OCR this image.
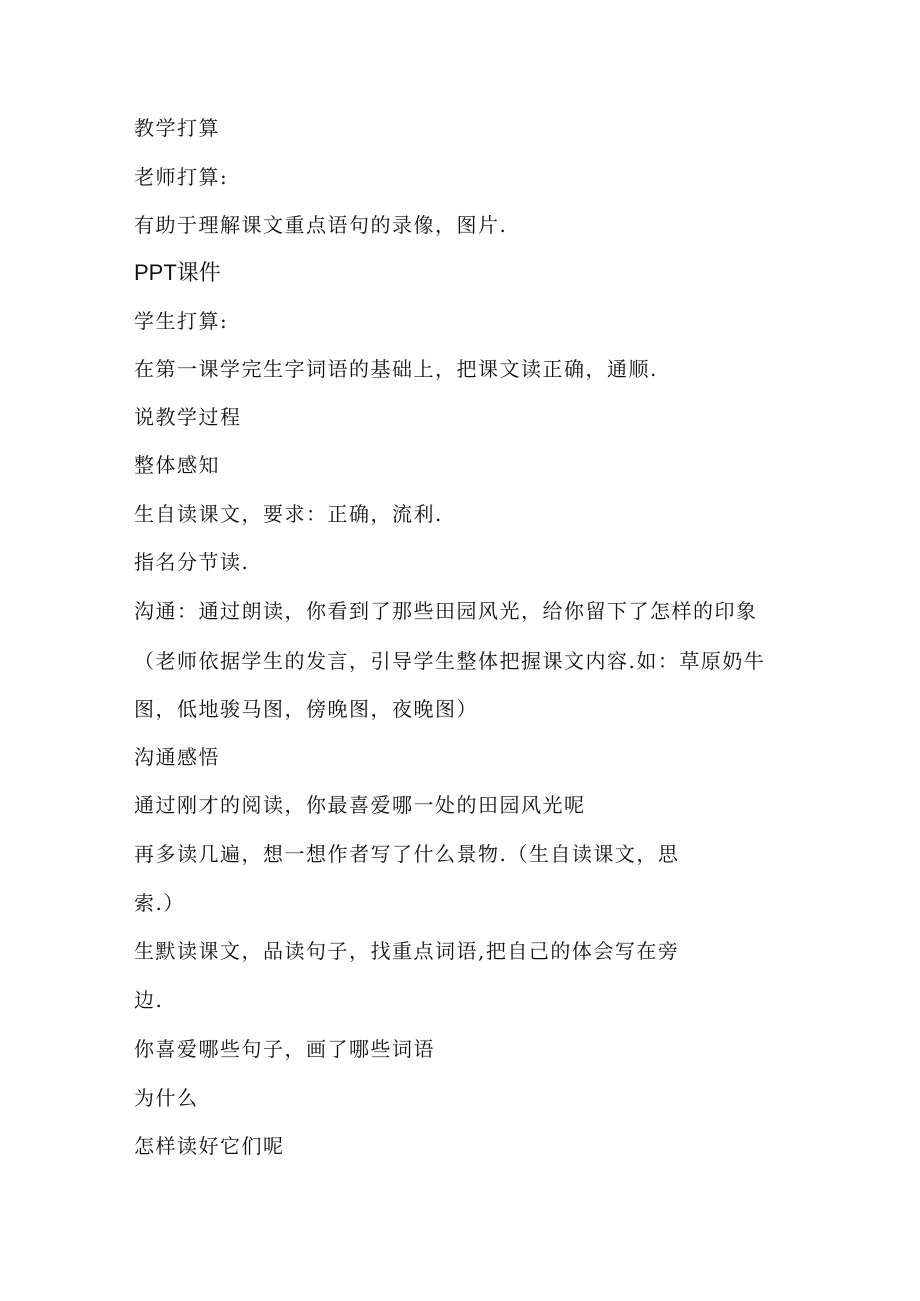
教学打算

老师打算:

有助于理解课文重点语句的录像，图片.

PPT课件

学生打算:

在第一课学完生字词语的基础上，把课文读正确，通顺.

说教学过程

整体感知

生自读课文，要求：正确，流利.

指名分节读.

沟通：通过朗读，你看到了那些田园风光，给你留下了怎样的印象

（老师依据学生的发言，引导学生整体把握课文内容.如：草原奶牛

图，低地骏马图，傍晚图，夜晚图）

沟通感悟

通过刚才的阅读，你最喜爱哪一处的田园风光呢

再多读几遍，想一想作者写了什么景物.（生自读课文，思

索.）

生默读课文，品读句子，找重点词语,把自己的体会写在旁

边.

你喜爱哪些句子，画了哪些词语

为什么

怎样读好它们呢
